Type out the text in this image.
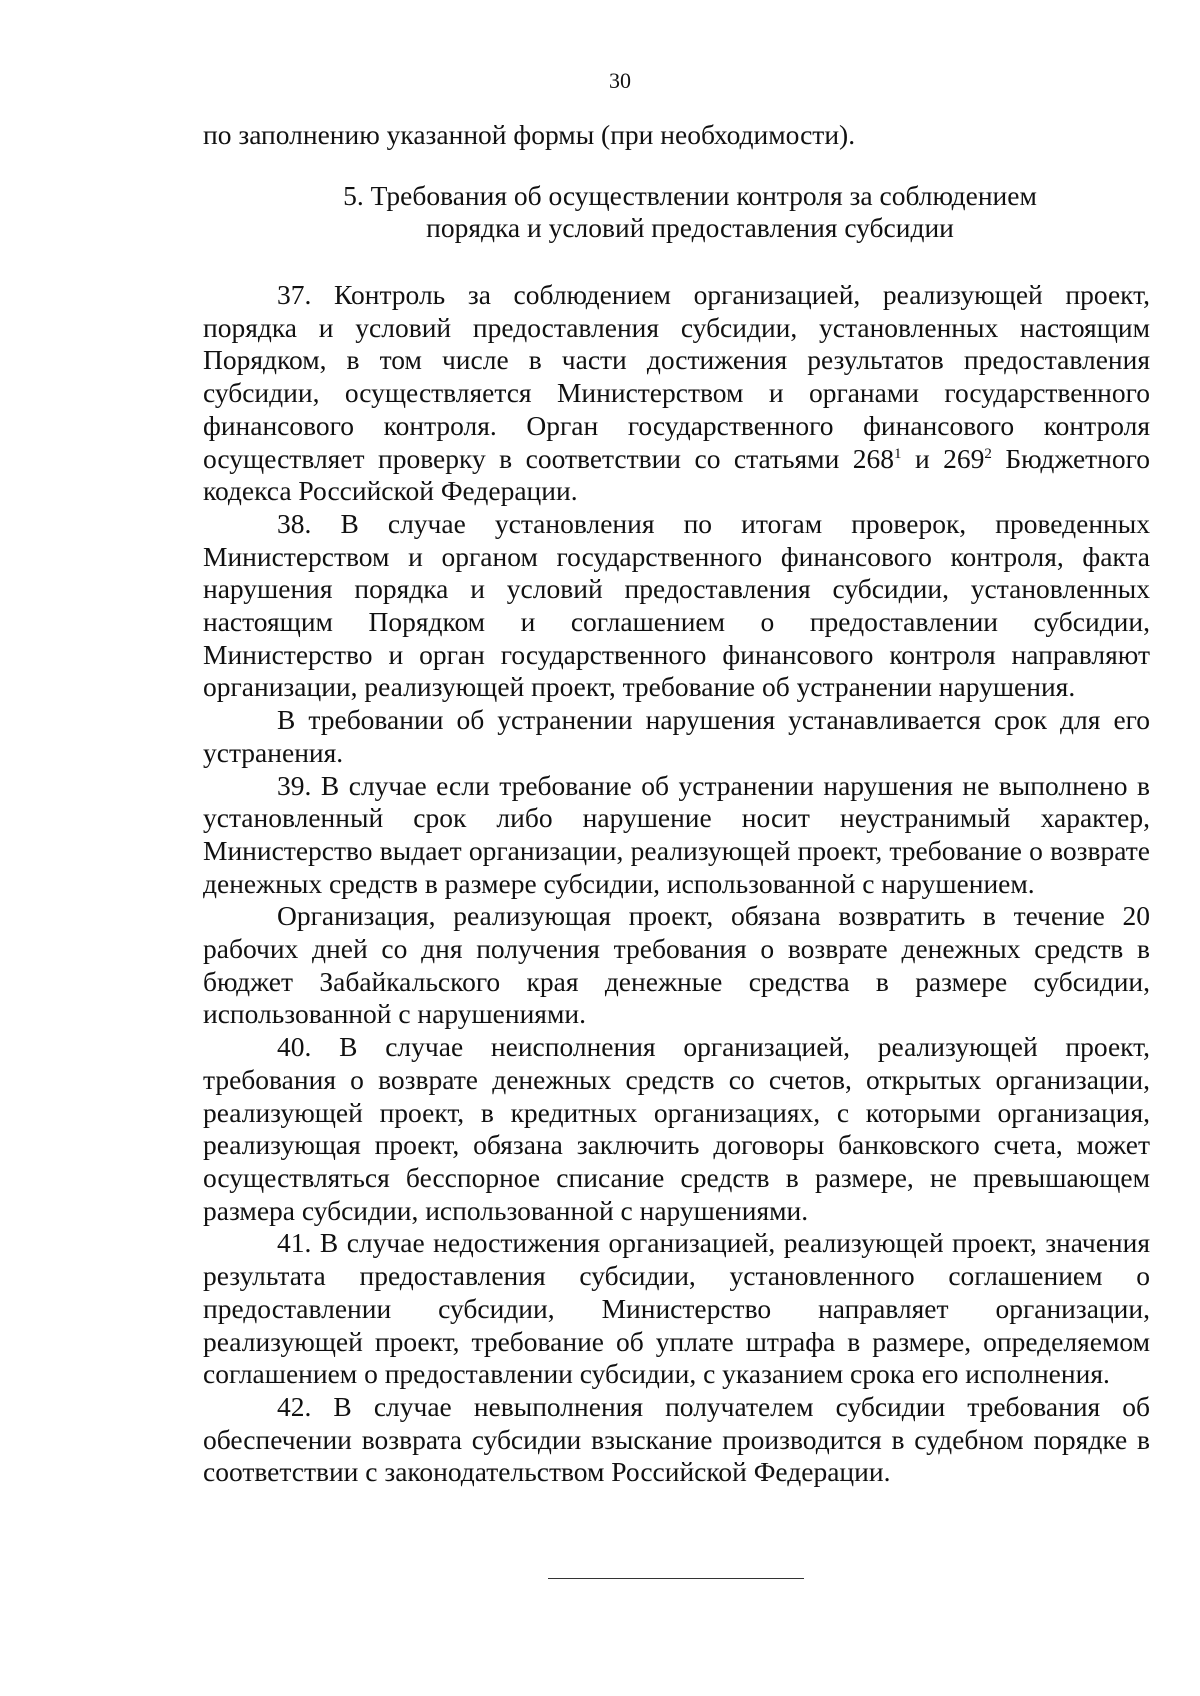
30
по заполнению указанной формы (при необходимости).
5. Требования об осуществлении контроля за соблюдением
порядка и условий предоставления субсидии

37. Контроль за соблюдением организацией, реализующей проект, порядка и условий предоставления субсидии, установленных настоящим Порядком, в том числе в части достижения результатов предоставления субсидии, осуществляется Министерством и органами государственного финансового контроля. Орган государственного финансового контроля осуществляет проверку в соответствии со статьями $268^1$ и $269^2$ Бюджетного кодекса Российской Федерации.

38. В случае установления по итогам проверок, проведенных Министерством и органом государственного финансового контроля, факта нарушения порядка и условий предоставления субсидии, установленных настоящим Порядком и соглашением о предоставлении субсидии, Министерство и орган государственного финансового контроля направляют организации, реализующей проект, требование об устранении нарушения.

В требовании об устранении нарушения устанавливается срок для его устранения.

39. В случае если требование об устранении нарушения не выполнено в установленный срок либо нарушение носит неустранимый характер, Министерство выдает организации, реализующей проект, требование о возврате денежных средств в размере субсидии, использованной с нарушением.

Организация, реализующая проект, обязана возвратить в течение 20 рабочих дней со дня получения требования о возврате денежных средств в бюджет Забайкальского края денежные средства в размере субсидии, использованной с нарушениями.

40. В случае неисполнения организацией, реализующей проект, требования о возврате денежных средств со счетов, открытых организации, реализующей проект, в кредитных организациях, с которыми организация, реализующая проект, обязана заключить договоры банковского счета, может осуществляться бесспорное списание средств в размере, не превышающем размера субсидии, использованной с нарушениями.

41. В случае недостижения организацией, реализующей проект, значения результата предоставления субсидии, установленного соглашением о предоставлении субсидии, Министерство направляет организации, реализующей проект, требование об уплате штрафа в размере, определяемом соглашением о предоставлении субсидии, с указанием срока его исполнения.

42. В случае невыполнения получателем субсидии требования об обеспечении возврата субсидии взыскание производится в судебном порядке в соответствии с законодательством Российской Федерации.
